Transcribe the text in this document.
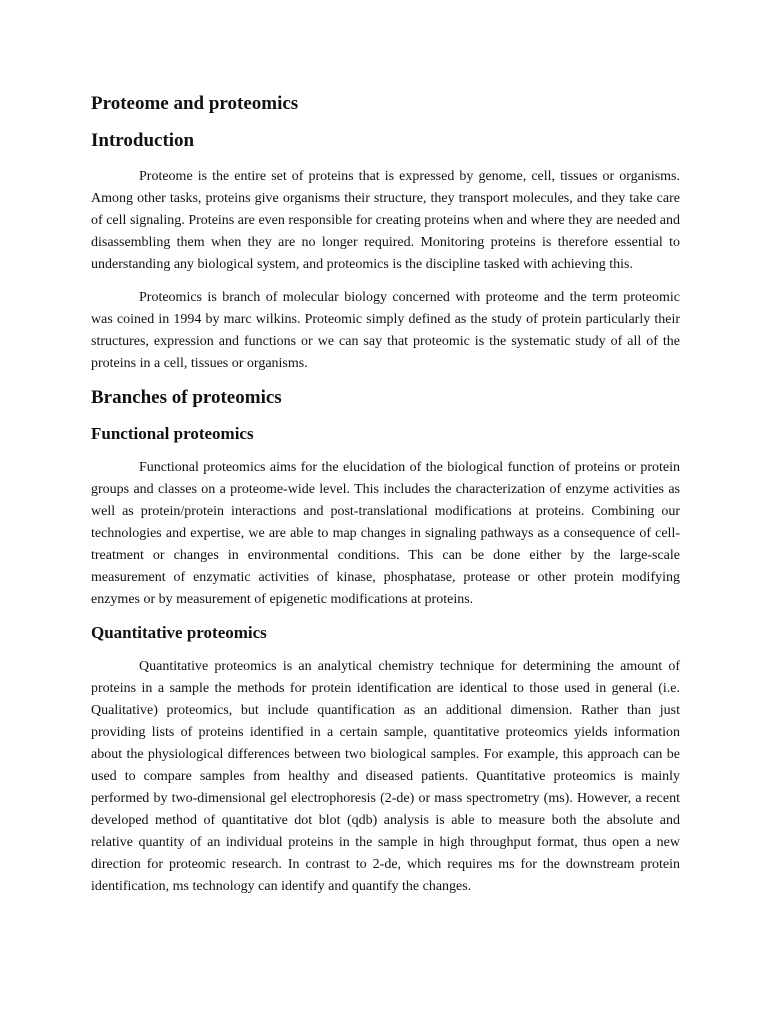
Proteome and proteomics
Introduction

Proteome is the entire set of proteins that is expressed by genome, cell, tissues or organisms. Among other tasks, proteins give organisms their structure, they transport molecules, and they take care of cell signaling. Proteins are even responsible for creating proteins when and where they are needed and disassembling them when they are no longer required. Monitoring proteins is therefore essential to understanding any biological system, and proteomics is the discipline tasked with achieving this.

Proteomics is branch of molecular biology concerned with proteome and the term proteomic was coined in 1994 by marc wilkins. Proteomic simply defined as the study of protein particularly their structures, expression and functions or we can say that proteomic is the systematic study of all of the proteins in a cell, tissues or organisms.

Branches of proteomics
Functional proteomics

Functional proteomics aims for the elucidation of the biological function of proteins or protein groups and classes on a proteome-wide level. This includes the characterization of enzyme activities as well as protein/protein interactions and post-translational modifications at proteins. Combining our technologies and expertise, we are able to map changes in signaling pathways as a consequence of cell-treatment or changes in environmental conditions. This can be done either by the large-scale measurement of enzymatic activities of kinase, phosphatase, protease or other protein modifying enzymes or by measurement of epigenetic modifications at proteins.

Quantitative proteomics

Quantitative proteomics is an analytical chemistry technique for determining the amount of proteins in a sample the methods for protein identification are identical to those used in general (i.e. Qualitative) proteomics, but include quantification as an additional dimension. Rather than just providing lists of proteins identified in a certain sample, quantitative proteomics yields information about the physiological differences between two biological samples. For example, this approach can be used to compare samples from healthy and diseased patients. Quantitative proteomics is mainly performed by two-dimensional gel electrophoresis (2-de) or mass spectrometry (ms). However, a recent developed method of quantitative dot blot (qdb) analysis is able to measure both the absolute and relative quantity of an individual proteins in the sample in high throughput format, thus open a new direction for proteomic research. In contrast to 2-de, which requires ms for the downstream protein identification, ms technology can identify and quantify the changes.
